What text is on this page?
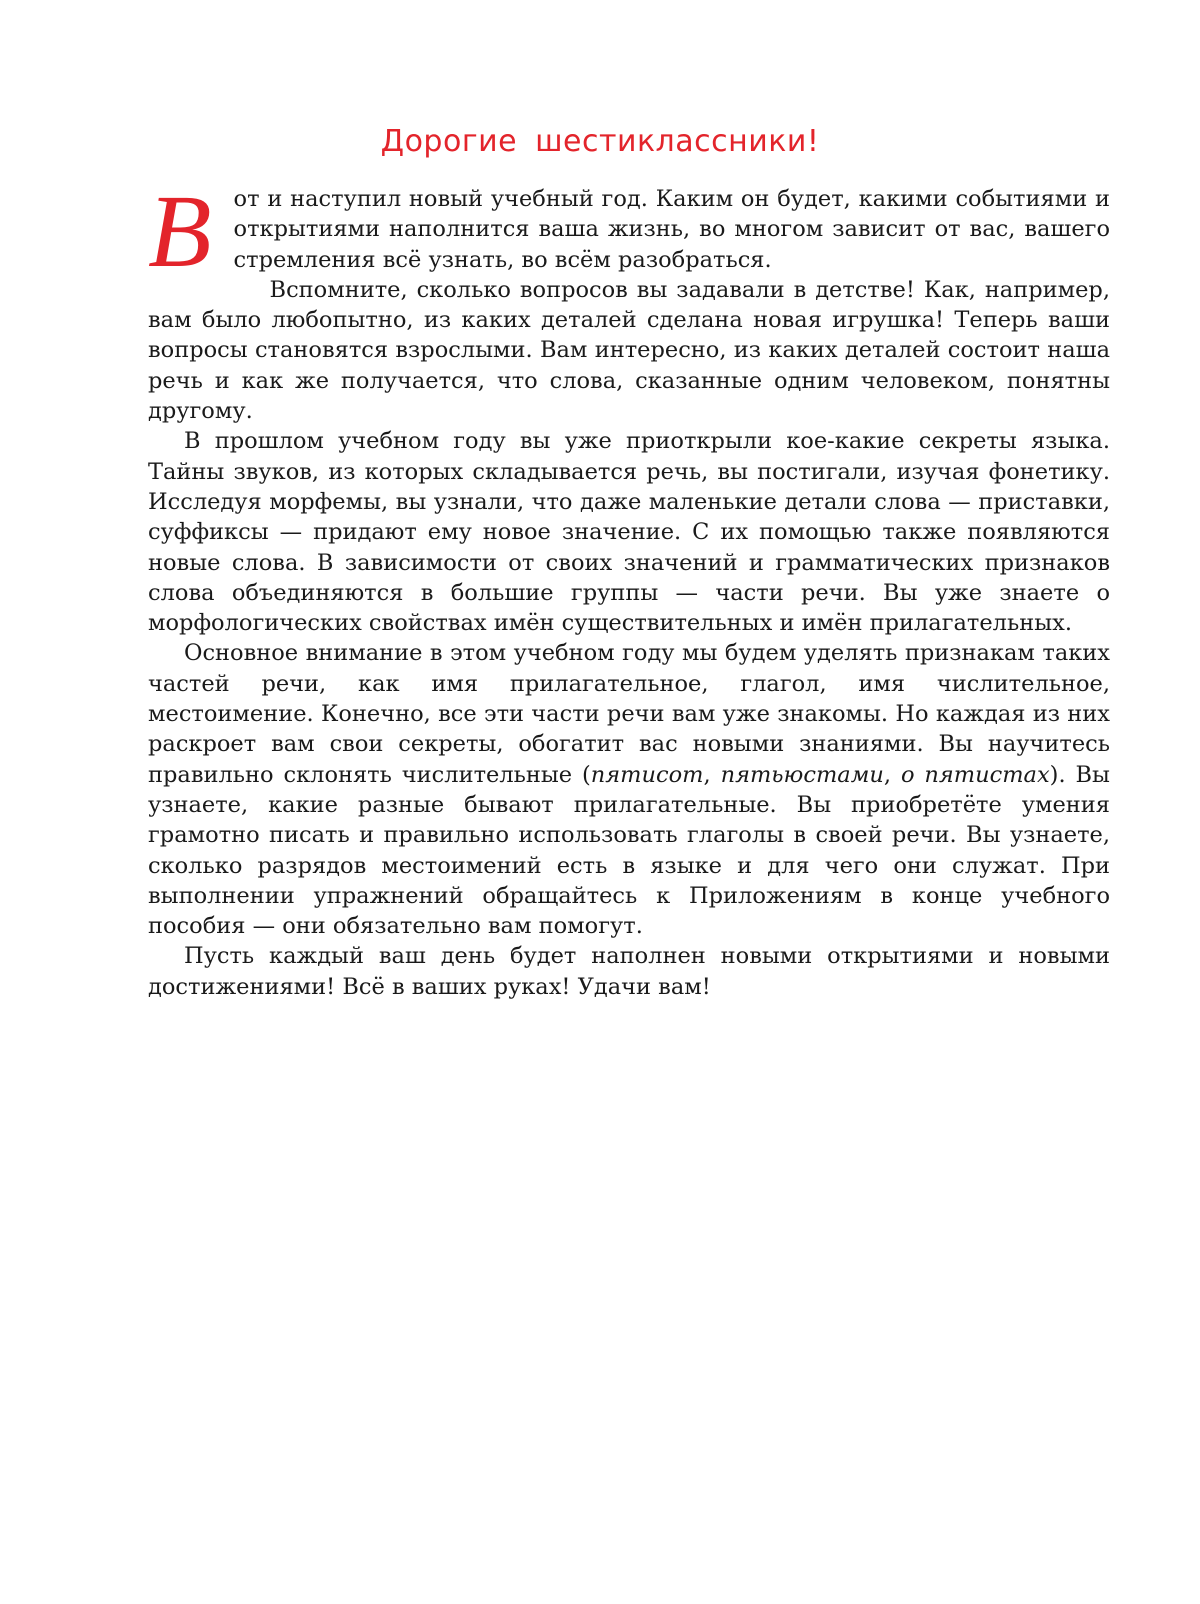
Дорогие шестиклассники!

Вот и наступил новый учебный год. Каким он будет, какими событиями и открытиями наполнится ваша жизнь, во многом зависит от вас, вашего стремления всё узнать, во всём разобраться.

Вспомните, сколько вопросов вы задавали в детстве! Как, например, вам было любопытно, из каких деталей сделана новая игрушка! Теперь ваши вопросы становятся взрослыми. Вам интересно, из каких деталей состоит наша речь и как же получается, что слова, сказанные одним человеком, понятны другому.

В прошлом учебном году вы уже приоткрыли кое-какие секреты языка. Тайны звуков, из которых складывается речь, вы постигали, изучая фонетику. Исследуя морфемы, вы узнали, что даже маленькие детали слова — приставки, суффиксы — придают ему новое значение. С их помощью также появляются новые слова. В зависимости от своих значений и грамматических признаков слова объединяются в большие группы — части речи. Вы уже знаете о морфологических свойствах имён существительных и имён прилагательных.

Основное внимание в этом учебном году мы будем уделять признакам таких частей речи, как имя прилагательное, глагол, имя числительное, местоимение. Конечно, все эти части речи вам уже знакомы. Но каждая из них раскроет вам свои секреты, обогатит вас новыми знаниями. Вы научитесь правильно склонять числительные (пятисот, пятьюстами, о пятистах). Вы узнаете, какие разные бывают прилагательные. Вы приобретёте умения грамотно писать и правильно использовать глаголы в своей речи. Вы узнаете, сколько разрядов местоимений есть в языке и для чего они служат. При выполнении упражнений обращайтесь к Приложениям в конце учебного пособия — они обязательно вам помогут.

Пусть каждый ваш день будет наполнен новыми открытиями и новыми достижениями! Всё в ваших руках! Удачи вам!
